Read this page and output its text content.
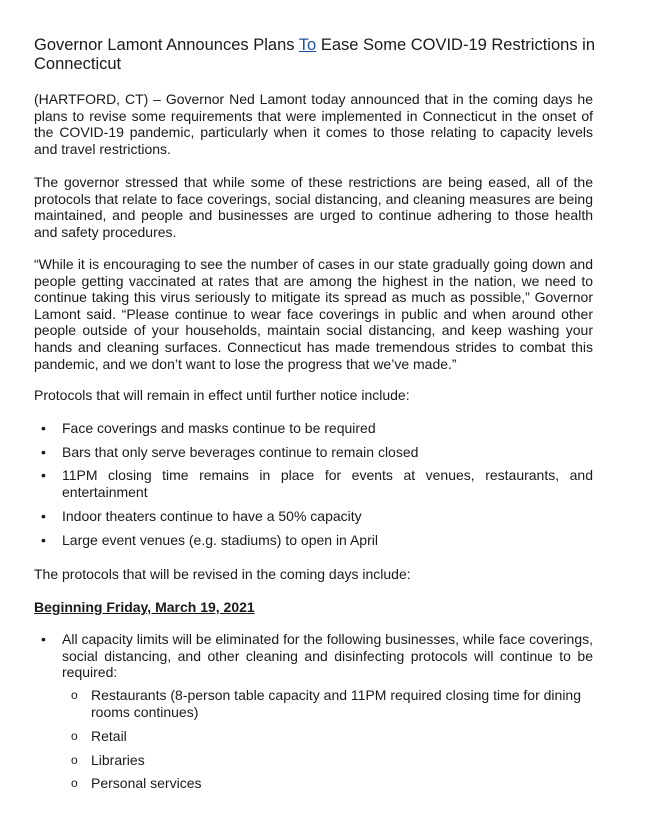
Governor Lamont Announces Plans To Ease Some COVID-19 Restrictions in Connecticut

(HARTFORD, CT) – Governor Ned Lamont today announced that in the coming days he plans to revise some requirements that were implemented in Connecticut in the onset of the COVID-19 pandemic, particularly when it comes to those relating to capacity levels and travel restrictions.

The governor stressed that while some of these restrictions are being eased, all of the protocols that relate to face coverings, social distancing, and cleaning measures are being maintained, and people and businesses are urged to continue adhering to those health and safety procedures.

“While it is encouraging to see the number of cases in our state gradually going down and people getting vaccinated at rates that are among the highest in the nation, we need to continue taking this virus seriously to mitigate its spread as much as possible,” Governor Lamont said. “Please continue to wear face coverings in public and when around other people outside of your households, maintain social distancing, and keep washing your hands and cleaning surfaces. Connecticut has made tremendous strides to combat this pandemic, and we don’t want to lose the progress that we’ve made.”

Protocols that will remain in effect until further notice include:

• Face coverings and masks continue to be required
• Bars that only serve beverages continue to remain closed
• 11PM closing time remains in place for events at venues, restaurants, and entertainment
• Indoor theaters continue to have a 50% capacity
• Large event venues (e.g. stadiums) to open in April

The protocols that will be revised in the coming days include:

Beginning Friday, March 19, 2021

• All capacity limits will be eliminated for the following businesses, while face coverings, social distancing, and other cleaning and disinfecting protocols will continue to be required:
o Restaurants (8-person table capacity and 11PM required closing time for dining rooms continues)
o Retail
o Libraries
o Personal services
